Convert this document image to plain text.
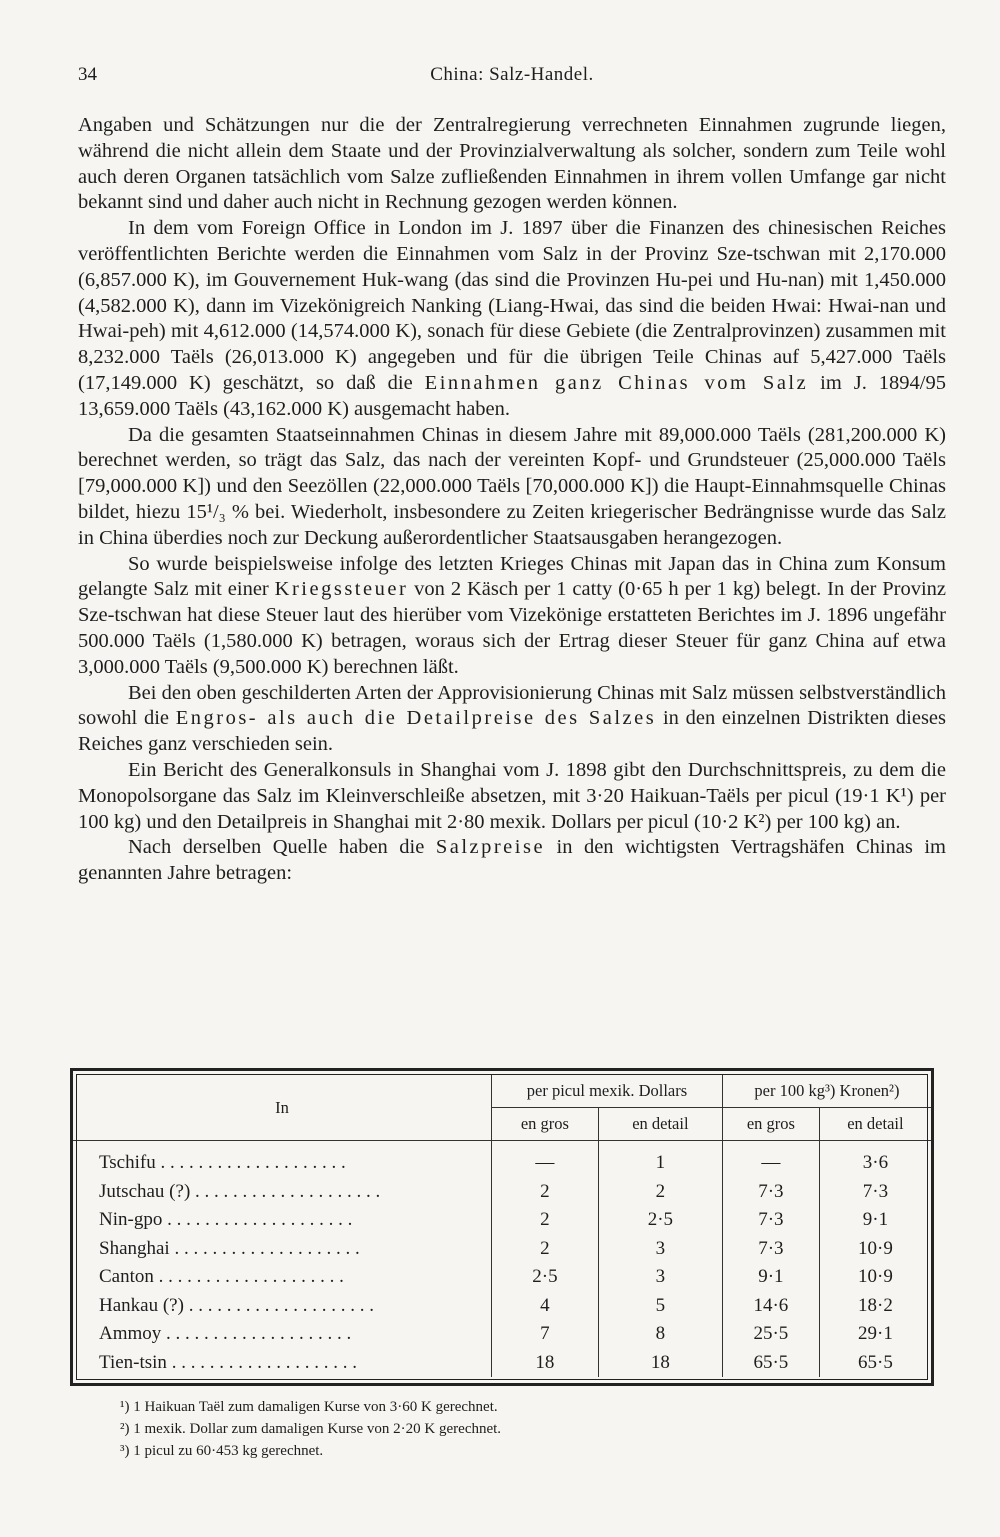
34	China: Salz-Handel.

Angaben und Schätzungen nur die der Zentralregierung verrechneten Einnahmen zugrunde liegen, während die nicht allein dem Staate und der Provinzialverwaltung als solcher, sondern zum Teile wohl auch deren Organen tatsächlich vom Salze zufließenden Einnahmen in ihrem vollen Umfange gar nicht bekannt sind und daher auch nicht in Rechnung gezogen werden können.

In dem vom Foreign Office in London im J. 1897 über die Finanzen des chinesischen Reiches veröffentlichten Berichte werden die Einnahmen vom Salz in der Provinz Sze-tschwan mit 2,170.000 (6,857.000 K), im Gouvernement Huk-wang (das sind die Provinzen Hu-pei und Hu-nan) mit 1,450.000 (4,582.000 K), dann im Vizekönigreich Nanking (Liang-Hwai, das sind die beiden Hwai: Hwai-nan und Hwai-peh) mit 4,612.000 (14,574.000 K), sonach für diese Gebiete (die Zentralprovinzen) zusammen mit 8,232.000 Taëls (26,013.000 K) angegeben und für die übrigen Teile Chinas auf 5,427.000 Taëls (17,149.000 K) geschätzt, so daß die Einnahmen ganz Chinas vom Salz im J. 1894/95 13,659.000 Taëls (43,162.000 K) ausgemacht haben.

Da die gesamten Staatseinnahmen Chinas in diesem Jahre mit 89,000.000 Taëls (281,200.000 K) berechnet werden, so trägt das Salz, das nach der vereinten Kopf- und Grundsteuer (25,000.000 Taëls [79,000.000 K]) und den Seezöllen (22,000.000 Taëls [70,000.000 K]) die Haupt-Einnahmsquelle Chinas bildet, hiezu 15¹/₃ % bei. Wiederholt, insbesondere zu Zeiten kriegerischer Bedrängnisse wurde das Salz in China überdies noch zur Deckung außerordentlicher Staatsausgaben herangezogen.

So wurde beispielsweise infolge des letzten Krieges Chinas mit Japan das in China zum Konsum gelangte Salz mit einer Kriegssteuer von 2 Käsch per 1 catty (0·65 h per 1 kg) belegt. In der Provinz Sze-tschwan hat diese Steuer laut des hierüber vom Vizekönige erstatteten Berichtes im J. 1896 ungefähr 500.000 Taëls (1,580.000 K) betragen, woraus sich der Ertrag dieser Steuer für ganz China auf etwa 3,000.000 Taëls (9,500.000 K) berechnen läßt.

Bei den oben geschilderten Arten der Approvisionierung Chinas mit Salz müssen selbstverständlich sowohl die Engros- als auch die Detailpreise des Salzes in den einzelnen Distrikten dieses Reiches ganz verschieden sein.

Ein Bericht des Generalkonsuls in Shanghai vom J. 1898 gibt den Durchschnittspreis, zu dem die Monopolsorgane das Salz im Kleinverschleiße absetzen, mit 3·20 Haikuan-Taëls per picul (19·1 K¹) per 100 kg) und den Detailpreis in Shanghai mit 2·80 mexik. Dollars per picul (10·2 K²) per 100 kg) an.

Nach derselben Quelle haben die Salzpreise in den wichtigsten Vertragshäfen Chinas im genannten Jahre betragen:

In	per picul mexik. Dollars		per 100 kg³) Kronen²)	
	en gros	en detail	en gros	en detail
Tschifu . . . . . . . . . . . . . . . . . . . .	—	1	—	3·6
Jutschau (?) . . . . . . . . . . . . . . . . . . . .	2	2	7·3	7·3
Nin-gpo . . . . . . . . . . . . . . . . . . . .	2	2·5	7·3	9·1
Shanghai . . . . . . . . . . . . . . . . . . . .	2	3	7·3	10·9
Canton . . . . . . . . . . . . . . . . . . . .	2·5	3	9·1	10·9
Hankau (?) . . . . . . . . . . . . . . . . . . . .	4	5	14·6	18·2
Ammoy . . . . . . . . . . . . . . . . . . . .	7	8	25·5	29·1
Tien-tsin . . . . . . . . . . . . . . . . . . . .	18	18	65·5	65·5
¹) 1 Haikuan Taël zum damaligen Kurse von 3·60 K gerechnet.
²) 1 mexik. Dollar zum damaligen Kurse von 2·20 K gerechnet.
³) 1 picul zu 60·453 kg gerechnet.
